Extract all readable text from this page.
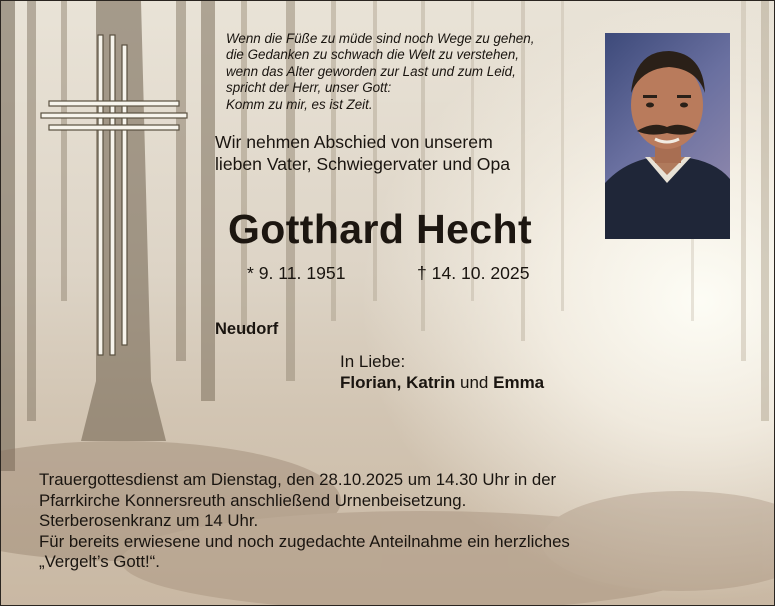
Wenn die Füße zu müde sind noch Wege zu gehen,
die Gedanken zu schwach die Welt zu verstehen,
wenn das Alter geworden zur Last und zum Leid,
spricht der Herr, unser Gott:
Komm zu mir, es ist Zeit.
Wir nehmen Abschied von unserem
lieben Vater, Schwiegervater und Opa
Gotthard Hecht
* 9. 11. 1951	† 14. 10. 2025
Neudorf
In Liebe:
Florian, Katrin und Emma
Trauergottesdienst am Dienstag, den 28.10.2025 um 14.30 Uhr in der
Pfarrkirche Konnersreuth anschließend Urnenbeisetzung.
Sterberosenkranz um 14 Uhr.
Für bereits erwiesene und noch zugedachte Anteilnahme ein herzliches
„Vergelt’s Gott!“.
